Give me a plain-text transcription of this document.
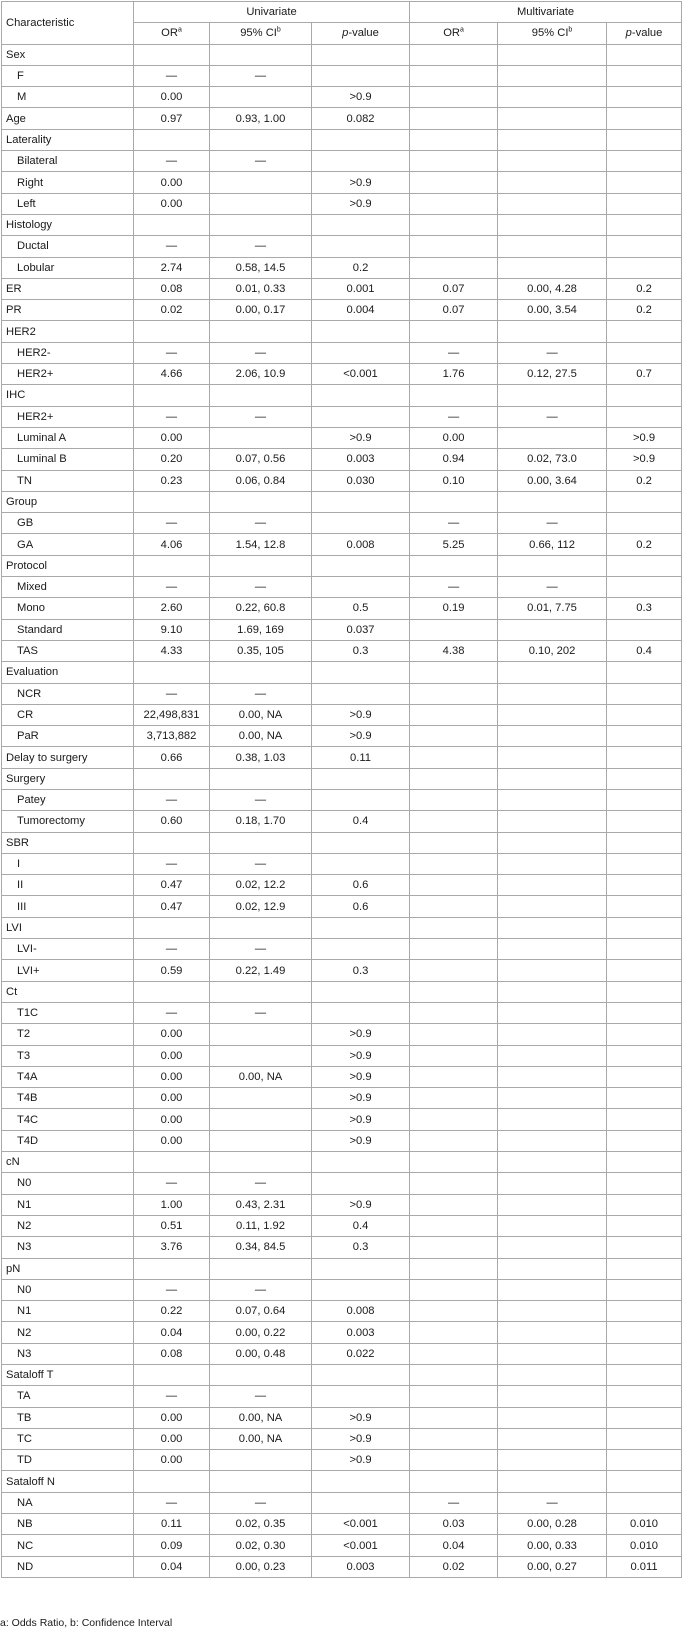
Characteristic	Univariate			Multivariate		
	$OR^a$	95% $CI^b$	p-value	$OR^a$	95% $CI^b$	p-value
Sex						
F	—	—				
M	0.00		>0.9			
Age	0.97	0.93, 1.00	0.082			
Laterality						
Bilateral	—	—				
Right	0.00		>0.9			
Left	0.00		>0.9			
Histology						
Ductal	—	—				
Lobular	2.74	0.58, 14.5	0.2			
ER	0.08	0.01, 0.33	0.001	0.07	0.00, 4.28	0.2
PR	0.02	0.00, 0.17	0.004	0.07	0.00, 3.54	0.2
HER2						
HER2-	—	—		—	—	
HER2+	4.66	2.06, 10.9	<0.001	1.76	0.12, 27.5	0.7
IHC						
HER2+	—	—		—	—	
Luminal A	0.00		>0.9	0.00		>0.9
Luminal B	0.20	0.07, 0.56	0.003	0.94	0.02, 73.0	>0.9
TN	0.23	0.06, 0.84	0.030	0.10	0.00, 3.64	0.2
Group						
GB	—	—		—	—	
GA	4.06	1.54, 12.8	0.008	5.25	0.66, 112	0.2
Protocol						
Mixed	—	—		—	—	
Mono	2.60	0.22, 60.8	0.5	0.19	0.01, 7.75	0.3
Standard	9.10	1.69, 169	0.037			
TAS	4.33	0.35, 105	0.3	4.38	0.10, 202	0.4
Evaluation						
NCR	—	—				
CR	22,498,831	0.00, NA	>0.9			
PaR	3,713,882	0.00, NA	>0.9			
Delay to surgery	0.66	0.38, 1.03	0.11			
Surgery						
Patey	—	—				
Tumorectomy	0.60	0.18, 1.70	0.4			
SBR						
I	—	—				
II	0.47	0.02, 12.2	0.6			
III	0.47	0.02, 12.9	0.6			
LVI						
LVI-	—	—				
LVI+	0.59	0.22, 1.49	0.3			
Ct						
T1C	—	—				
T2	0.00		>0.9			
T3	0.00		>0.9			
T4A	0.00	0.00, NA	>0.9			
T4B	0.00		>0.9			
T4C	0.00		>0.9			
T4D	0.00		>0.9			
cN						
N0	—	—				
N1	1.00	0.43, 2.31	>0.9			
N2	0.51	0.11, 1.92	0.4			
N3	3.76	0.34, 84.5	0.3			
pN						
N0	—	—				
N1	0.22	0.07, 0.64	0.008			
N2	0.04	0.00, 0.22	0.003			
N3	0.08	0.00, 0.48	0.022			
Sataloff T						
TA	—	—				
TB	0.00	0.00, NA	>0.9			
TC	0.00	0.00, NA	>0.9			
TD	0.00		>0.9			
Sataloff N						
NA	—	—		—	—	
NB	0.11	0.02, 0.35	<0.001	0.03	0.00, 0.28	0.010
NC	0.09	0.02, 0.30	<0.001	0.04	0.00, 0.33	0.010
ND	0.04	0.00, 0.23	0.003	0.02	0.00, 0.27	0.011
a: Odds Ratio, b: Confidence Interval
